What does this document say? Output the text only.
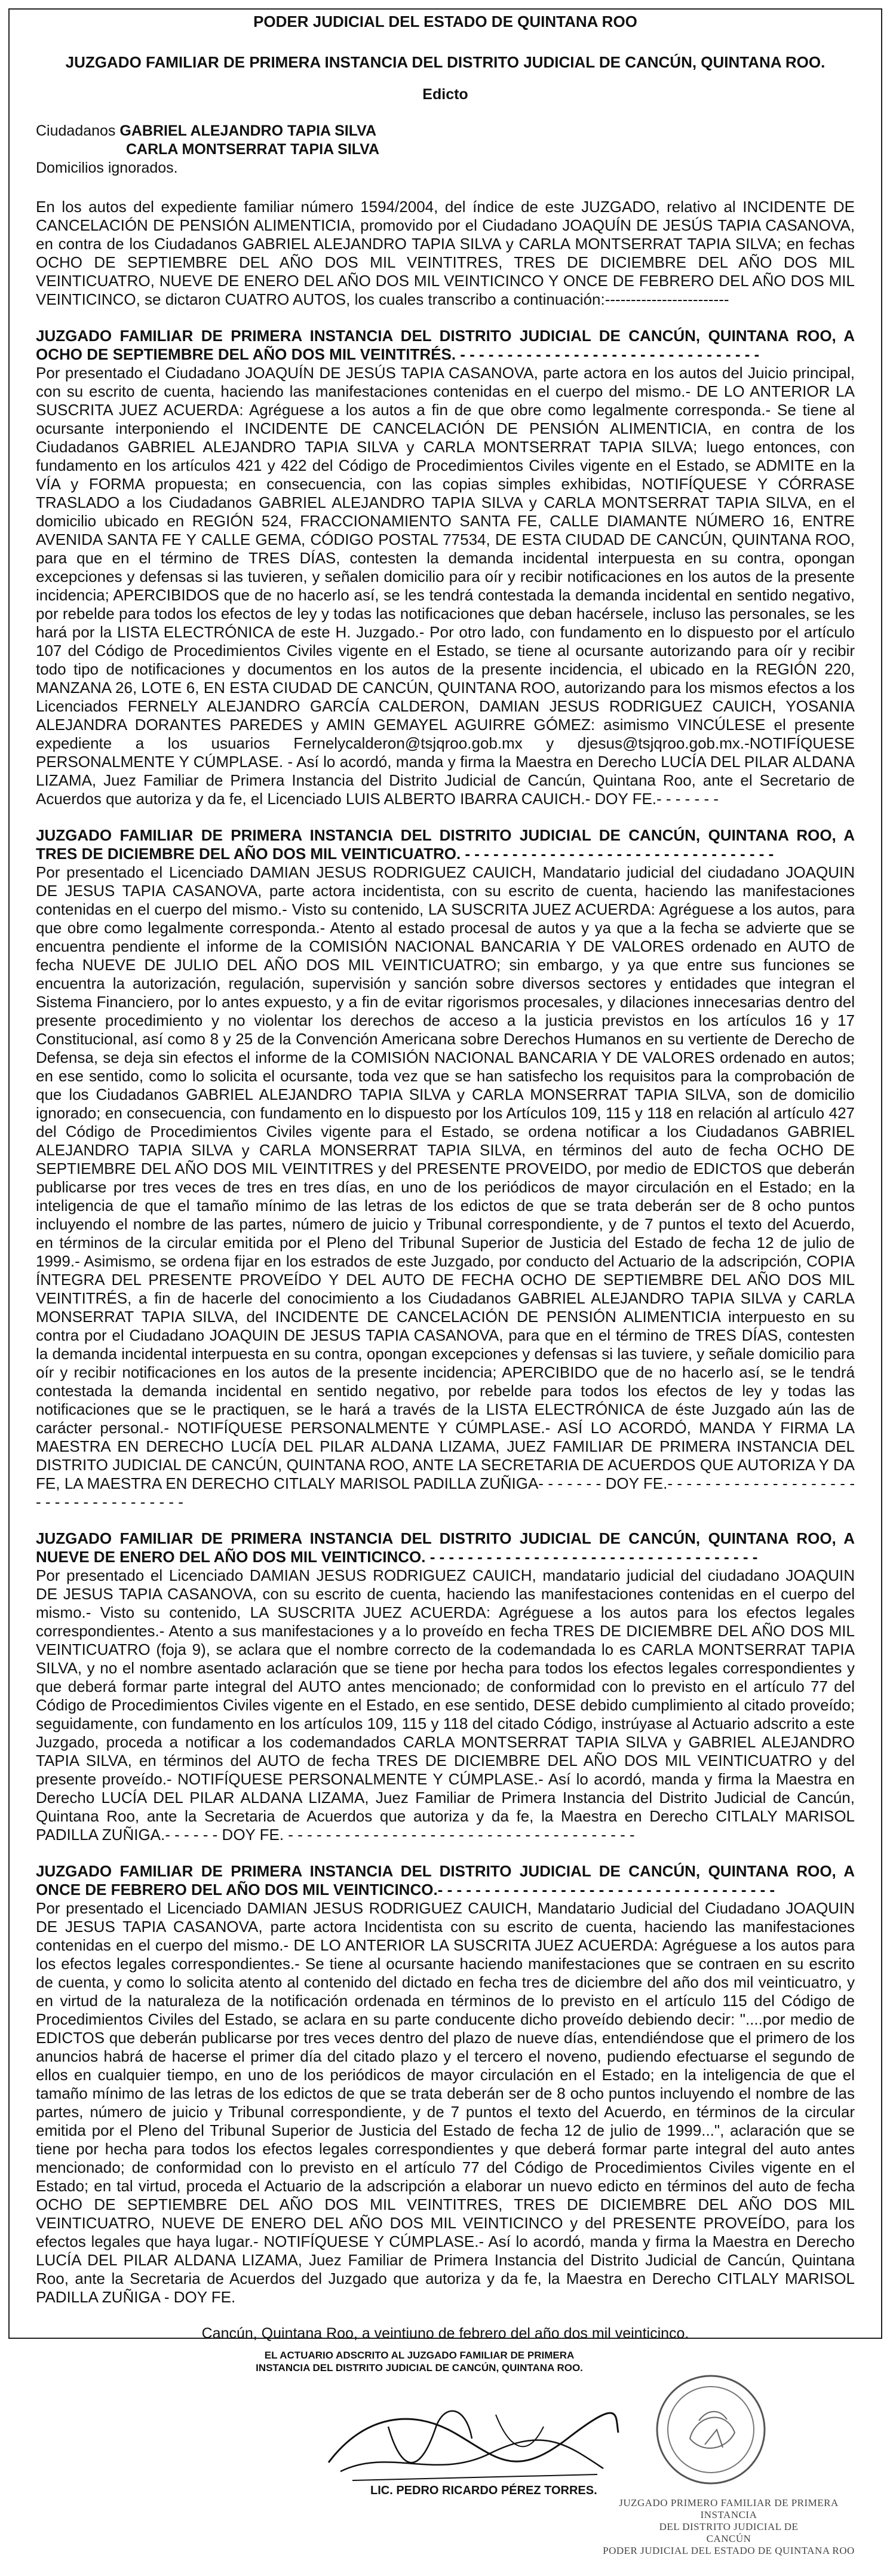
PODER JUDICIAL DEL ESTADO DE QUINTANA ROO
JUZGADO FAMILIAR DE PRIMERA INSTANCIA DEL DISTRITO JUDICIAL DE CANCÚN, QUINTANA ROO.
Edicto
Ciudadanos GABRIEL ALEJANDRO TAPIA SILVA
CARLA MONTSERRAT TAPIA SILVA
Domicilios ignorados.

En los autos del expediente familiar número 1594/2004, del índice de este JUZGADO, relativo al INCIDENTE DE CANCELACIÓN DE PENSIÓN ALIMENTICIA, promovido por el Ciudadano JOAQUÍN DE JESÚS TAPIA CASANOVA, en contra de los Ciudadanos GABRIEL ALEJANDRO TAPIA SILVA y CARLA MONTSERRAT TAPIA SILVA; en fechas OCHO DE SEPTIEMBRE DEL AÑO DOS MIL VEINTITRES, TRES DE DICIEMBRE DEL AÑO DOS MIL VEINTICUATRO, NUEVE DE ENERO DEL AÑO DOS MIL VEINTICINCO Y ONCE DE FEBRERO DEL AÑO DOS MIL VEINTICINCO, se dictaron CUATRO AUTOS, los cuales transcribo a continuación:------------------------

JUZGADO FAMILIAR DE PRIMERA INSTANCIA DEL DISTRITO JUDICIAL DE CANCÚN, QUINTANA ROO, A OCHO DE SEPTIEMBRE DEL AÑO DOS MIL VEINTITRÉS. - - - - - - - - - - - - - - - - - - - - - - - - - - - - - - - -

Por presentado el Ciudadano JOAQUÍN DE JESÚS TAPIA CASANOVA, parte actora en los autos del Juicio principal, con su escrito de cuenta, haciendo las manifestaciones contenidas en el cuerpo del mismo.- DE LO ANTERIOR LA SUSCRITA JUEZ ACUERDA: Agréguese a los autos a fin de que obre como legalmente corresponda.- Se tiene al ocursante interponiendo el INCIDENTE DE CANCELACIÓN DE PENSIÓN ALIMENTICIA, en contra de los Ciudadanos GABRIEL ALEJANDRO TAPIA SILVA y CARLA MONTSERRAT TAPIA SILVA; luego entonces, con fundamento en los artículos 421 y 422 del Código de Procedimientos Civiles vigente en el Estado, se ADMITE en la VÍA y FORMA propuesta; en consecuencia, con las copias simples exhibidas, NOTIFÍQUESE Y CÓRRASE TRASLADO a los Ciudadanos GABRIEL ALEJANDRO TAPIA SILVA y CARLA MONTSERRAT TAPIA SILVA, en el domicilio ubicado en REGIÓN 524, FRACCIONAMIENTO SANTA FE, CALLE DIAMANTE NÚMERO 16, ENTRE AVENIDA SANTA FE Y CALLE GEMA, CÓDIGO POSTAL 77534, DE ESTA CIUDAD DE CANCÚN, QUINTANA ROO, para que en el término de TRES DÍAS, contesten la demanda incidental interpuesta en su contra, opongan excepciones y defensas si las tuvieren, y señalen domicilio para oír y recibir notificaciones en los autos de la presente incidencia; APERCIBIDOS que de no hacerlo así, se les tendrá contestada la demanda incidental en sentido negativo, por rebelde para todos los efectos de ley y todas las notificaciones que deban hacérsele, incluso las personales, se les hará por la LISTA ELECTRÓNICA de este H. Juzgado.- Por otro lado, con fundamento en lo dispuesto por el artículo 107 del Código de Procedimientos Civiles vigente en el Estado, se tiene al ocursante autorizando para oír y recibir todo tipo de notificaciones y documentos en los autos de la presente incidencia, el ubicado en la REGIÓN 220, MANZANA 26, LOTE 6, EN ESTA CIUDAD DE CANCÚN, QUINTANA ROO, autorizando para los mismos efectos a los Licenciados FERNELY ALEJANDRO GARCÍA CALDERON, DAMIAN JESUS RODRIGUEZ CAUICH, YOSANIA ALEJANDRA DORANTES PAREDES y AMIN GEMAYEL AGUIRRE GÓMEZ: asimismo VINCÚLESE el presente expediente a los usuarios Fernelycalderon@tsjqroo.gob.mx y djesus@tsjqroo.gob.mx.-NOTIFÍQUESE PERSONALMENTE Y CÚMPLASE. - Así lo acordó, manda y firma la Maestra en Derecho LUCÍA DEL PILAR ALDANA LIZAMA, Juez Familiar de Primera Instancia del Distrito Judicial de Cancún, Quintana Roo, ante el Secretario de Acuerdos que autoriza y da fe, el Licenciado LUIS ALBERTO IBARRA CAUICH.- DOY FE.- - - - - - -

JUZGADO FAMILIAR DE PRIMERA INSTANCIA DEL DISTRITO JUDICIAL DE CANCÚN, QUINTANA ROO, A TRES DE DICIEMBRE DEL AÑO DOS MIL VEINTICUATRO. - - - - - - - - - - - - - - - - - - - - - - - - - - - - - - - - -

Por presentado el Licenciado DAMIAN JESUS RODRIGUEZ CAUICH, Mandatario judicial del ciudadano JOAQUIN DE JESUS TAPIA CASANOVA, parte actora incidentista, con su escrito de cuenta, haciendo las manifestaciones contenidas en el cuerpo del mismo.- Visto su contenido, LA SUSCRITA JUEZ ACUERDA: Agréguese a los autos, para que obre como legalmente corresponda.- Atento al estado procesal de autos y ya que a la fecha se advierte que se encuentra pendiente el informe de la COMISIÓN NACIONAL BANCARIA Y DE VALORES ordenado en AUTO de fecha NUEVE DE JULIO DEL AÑO DOS MIL VEINTICUATRO; sin embargo, y ya que entre sus funciones se encuentra la autorización, regulación, supervisión y sanción sobre diversos sectores y entidades que integran el Sistema Financiero, por lo antes expuesto, y a fin de evitar rigorismos procesales, y dilaciones innecesarias dentro del presente procedimiento y no violentar los derechos de acceso a la justicia previstos en los artículos 16 y 17 Constitucional, así como 8 y 25 de la Convención Americana sobre Derechos Humanos en su vertiente de Derecho de Defensa, se deja sin efectos el informe de la COMISIÓN NACIONAL BANCARIA Y DE VALORES ordenado en autos; en ese sentido, como lo solicita el ocursante, toda vez que se han satisfecho los requisitos para la comprobación de que los Ciudadanos GABRIEL ALEJANDRO TAPIA SILVA y CARLA MONSERRAT TAPIA SILVA, son de domicilio ignorado; en consecuencia, con fundamento en lo dispuesto por los Artículos 109, 115 y 118 en relación al artículo 427 del Código de Procedimientos Civiles vigente para el Estado, se ordena notificar a los Ciudadanos GABRIEL ALEJANDRO TAPIA SILVA y CARLA MONSERRAT TAPIA SILVA, en términos del auto de fecha OCHO DE SEPTIEMBRE DEL AÑO DOS MIL VEINTITRES y del PRESENTE PROVEIDO, por medio de EDICTOS que deberán publicarse por tres veces de tres en tres días, en uno de los periódicos de mayor circulación en el Estado; en la inteligencia de que el tamaño mínimo de las letras de los edictos de que se trata deberán ser de 8 ocho puntos incluyendo el nombre de las partes, número de juicio y Tribunal correspondiente, y de 7 puntos el texto del Acuerdo, en términos de la circular emitida por el Pleno del Tribunal Superior de Justicia del Estado de fecha 12 de julio de 1999.- Asimismo, se ordena fijar en los estrados de este Juzgado, por conducto del Actuario de la adscripción, COPIA ÍNTEGRA DEL PRESENTE PROVEÍDO Y DEL AUTO DE FECHA OCHO DE SEPTIEMBRE DEL AÑO DOS MIL VEINTITRÉS, a fin de hacerle del conocimiento a los Ciudadanos GABRIEL ALEJANDRO TAPIA SILVA y CARLA MONSERRAT TAPIA SILVA, del INCIDENTE DE CANCELACIÓN DE PENSIÓN ALIMENTICIA interpuesto en su contra por el Ciudadano JOAQUIN DE JESUS TAPIA CASANOVA, para que en el término de TRES DÍAS, contesten la demanda incidental interpuesta en su contra, opongan excepciones y defensas si las tuviere, y señale domicilio para oír y recibir notificaciones en los autos de la presente incidencia; APERCIBIDO que de no hacerlo así, se le tendrá contestada la demanda incidental en sentido negativo, por rebelde para todos los efectos de ley y todas las notificaciones que se le practiquen, se le hará a través de la LISTA ELECTRÓNICA de éste Juzgado aún las de carácter personal.- NOTIFÍQUESE PERSONALMENTE Y CÚMPLASE.- ASÍ LO ACORDÓ, MANDA Y FIRMA LA MAESTRA EN DERECHO LUCÍA DEL PILAR ALDANA LIZAMA, JUEZ FAMILIAR DE PRIMERA INSTANCIA DEL DISTRITO JUDICIAL DE CANCÚN, QUINTANA ROO, ANTE LA SECRETARIA DE ACUERDOS QUE AUTORIZA Y DA FE, LA MAESTRA EN DERECHO CITLALY MARISOL PADILLA ZUÑIGA- - - - - - - DOY FE.- - - - - - - - - - - - - - - - - - - - - - - - - - - - - - - - - - - -

JUZGADO FAMILIAR DE PRIMERA INSTANCIA DEL DISTRITO JUDICIAL DE CANCÚN, QUINTANA ROO, A NUEVE DE ENERO DEL AÑO DOS MIL VEINTICINCO. - - - - - - - - - - - - - - - - - - - - - - - - - - - - - - - - - - -

Por presentado el Licenciado DAMIAN JESUS RODRIGUEZ CAUICH, mandatario judicial del ciudadano JOAQUIN DE JESUS TAPIA CASANOVA, con su escrito de cuenta, haciendo las manifestaciones contenidas en el cuerpo del mismo.- Visto su contenido, LA SUSCRITA JUEZ ACUERDA: Agréguese a los autos para los efectos legales correspondientes.- Atento a sus manifestaciones y a lo proveído en fecha TRES DE DICIEMBRE DEL AÑO DOS MIL VEINTICUATRO (foja 9), se aclara que el nombre correcto de la codemandada lo es CARLA MONTSERRAT TAPIA SILVA, y no el nombre asentado aclaración que se tiene por hecha para todos los efectos legales correspondientes y que deberá formar parte integral del AUTO antes mencionado; de conformidad con lo previsto en el artículo 77 del Código de Procedimientos Civiles vigente en el Estado, en ese sentido, DESE debido cumplimiento al citado proveído; seguidamente, con fundamento en los artículos 109, 115 y 118 del citado Código, instrúyase al Actuario adscrito a este Juzgado, proceda a notificar a los codemandados CARLA MONTSERRAT TAPIA SILVA y GABRIEL ALEJANDRO TAPIA SILVA, en términos del AUTO de fecha TRES DE DICIEMBRE DEL AÑO DOS MIL VEINTICUATRO y del presente proveído.- NOTIFÍQUESE PERSONALMENTE Y CÚMPLASE.- Así lo acordó, manda y firma la Maestra en Derecho LUCÍA DEL PILAR ALDANA LIZAMA, Juez Familiar de Primera Instancia del Distrito Judicial de Cancún, Quintana Roo, ante la Secretaria de Acuerdos que autoriza y da fe, la Maestra en Derecho CITLALY MARISOL PADILLA ZUÑIGA.- - - - - - DOY FE. - - - - - - - - - - - - - - - - - - - - - - - - - - - - - - - - - - - - -

JUZGADO FAMILIAR DE PRIMERA INSTANCIA DEL DISTRITO JUDICIAL DE CANCÚN, QUINTANA ROO, A ONCE DE FEBRERO DEL AÑO DOS MIL VEINTICINCO.- - - - - - - - - - - - - - - - - - - - - - - - - - - - - - - - - - - -

Por presentado el Licenciado DAMIAN JESUS RODRIGUEZ CAUICH, Mandatario Judicial del Ciudadano JOAQUIN DE JESUS TAPIA CASANOVA, parte actora Incidentista con su escrito de cuenta, haciendo las manifestaciones contenidas en el cuerpo del mismo.- DE LO ANTERIOR LA SUSCRITA JUEZ ACUERDA: Agréguese a los autos para los efectos legales correspondientes.- Se tiene al ocursante haciendo manifestaciones que se contraen en su escrito de cuenta, y como lo solicita atento al contenido del dictado en fecha tres de diciembre del año dos mil veinticuatro, y en virtud de la naturaleza de la notificación ordenada en términos de lo previsto en el artículo 115 del Código de Procedimientos Civiles del Estado, se aclara en su parte conducente dicho proveído debiendo decir: "....por medio de EDICTOS que deberán publicarse por tres veces dentro del plazo de nueve días, entendiéndose que el primero de los anuncios habrá de hacerse el primer día del citado plazo y el tercero el noveno, pudiendo efectuarse el segundo de ellos en cualquier tiempo, en uno de los periódicos de mayor circulación en el Estado; en la inteligencia de que el tamaño mínimo de las letras de los edictos de que se trata deberán ser de 8 ocho puntos incluyendo el nombre de las partes, número de juicio y Tribunal correspondiente, y de 7 puntos el texto del Acuerdo, en términos de la circular emitida por el Pleno del Tribunal Superior de Justicia del Estado de fecha 12 de julio de 1999...", aclaración que se tiene por hecha para todos los efectos legales correspondientes y que deberá formar parte integral del auto antes mencionado; de conformidad con lo previsto en el artículo 77 del Código de Procedimientos Civiles vigente en el Estado; en tal virtud, proceda el Actuario de la adscripción a elaborar un nuevo edicto en términos del auto de fecha OCHO DE SEPTIEMBRE DEL AÑO DOS MIL VEINTITRES, TRES DE DICIEMBRE DEL AÑO DOS MIL VEINTICUATRO, NUEVE DE ENERO DEL AÑO DOS MIL VEINTICINCO y del PRESENTE PROVEÍDO, para los efectos legales que haya lugar.- NOTIFÍQUESE Y CÚMPLASE.- Así lo acordó, manda y firma la Maestra en Derecho LUCÍA DEL PILAR ALDANA LIZAMA, Juez Familiar de Primera Instancia del Distrito Judicial de Cancún, Quintana Roo, ante la Secretaria de Acuerdos del Juzgado que autoriza y da fe, la Maestra en Derecho CITLALY MARISOL PADILLA ZUÑIGA - DOY FE.

Cancún, Quintana Roo, a veintiuno de febrero del año dos mil veinticinco.
EL ACTUARIO ADSCRITO AL JUZGADO FAMILIAR DE PRIMERA
INSTANCIA DEL DISTRITO JUDICIAL DE CANCÚN, QUINTANA ROO.
LIC. PEDRO RICARDO PÉREZ TORRES.
JUZGADO PRIMERO FAMILIAR DE PRIMERA INSTANCIA
DEL DISTRITO JUDICIAL DE
CANCÚN
PODER JUDICIAL DEL ESTADO DE QUINTANA ROO
